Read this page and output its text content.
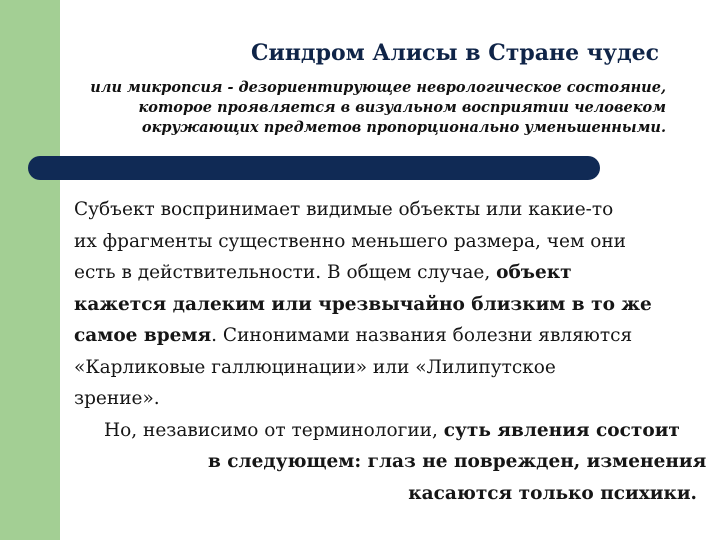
Синдром Алисы в Стране чудес

или микропсия - дезориентирующее неврологическое состояние,
которое проявляется в визуальном восприятии человеком
окружающих предметов пропорционально уменьшенными.

Субъект воспринимает видимые объекты или какие-то
их фрагменты существенно меньшего размера, чем они
есть в действительности. В общем случае, объект
кажется далеким или чрезвычайно близким в то же
самое время. Синонимами названия болезни являются
«Карликовые галлюцинации» или «Лилипутское
зрение».
Но, независимо от терминологии, суть явления состоит
в следующем: глаз не поврежден, изменения
касаются только психики.
